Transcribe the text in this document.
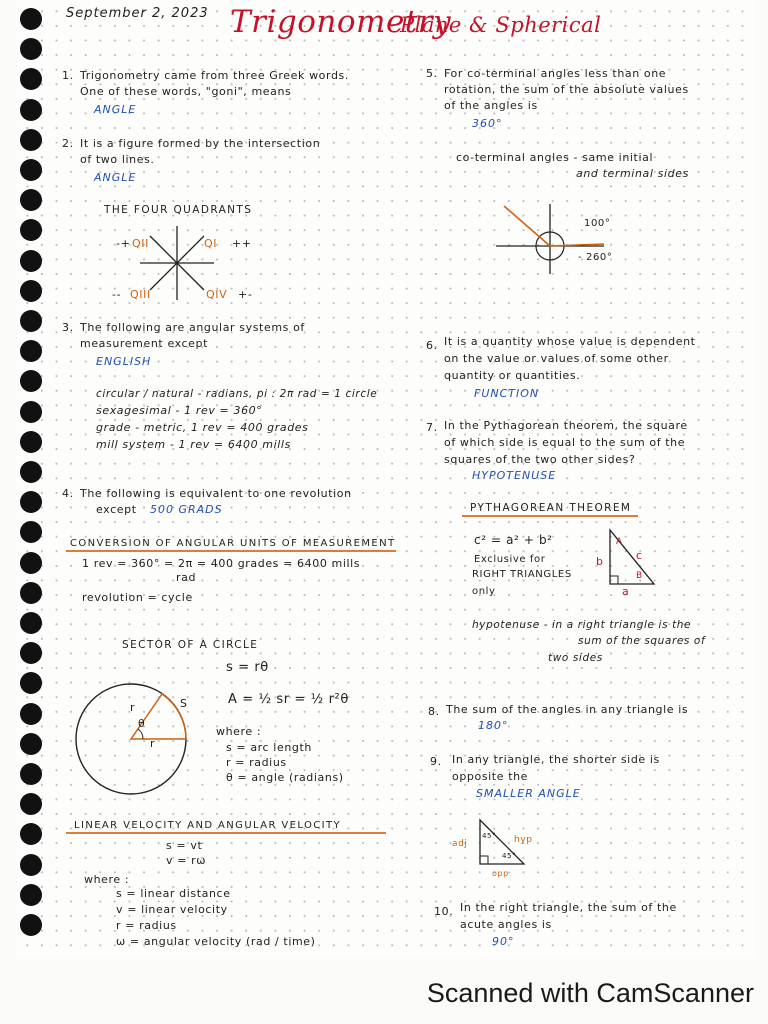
September 2, 2023 Trigonometry
Plane & Spherical
1. Trigonometry came from three Greek words.
One of these words, "goni", means
ANGLE
2. It is a figure formed by the intersection
of two lines.
ANGLE
THE FOUR QUADRANTS
-+ QII	QI ++
-- QIII	QIV +-
3. The following are angular systems of
measurement except
ENGLISH
circular / natural - radians, pi : 2π rad = 1 circle
sexagesimal - 1 rev = 360°
grade - metric, 1 rev = 400 grades
mill system - 1 rev = 6400 mills
4. The following is equivalent to one revolution
except 500 GRADS
CONVERSION OF ANGULAR UNITS OF MEASUREMENT
1 rev = 360° = 2π = 400 grades = 6400 mills
rad
revolution = cycle
SECTOR OF A CIRCLE
s = rθ
A = ½ sr = ½ r²θ
r	S
θ
r
where :
s = arc length
r = radius
θ = angle (radians)
LINEAR VELOCITY AND ANGULAR VELOCITY
s = vt
v = rω
where :
s = linear distance
v = linear velocity
r = radius
ω = angular velocity (rad / time)
5. For co-terminal angles less than one
rotation, the sum of the absolute values
of the angles is
360°
co-terminal angles - same initial
and terminal sides
100°
- 260°
6. It is a quantity whose value is dependent
on the value or values of some other
quantity or quantities.
FUNCTION
7. In the Pythagorean theorem, the square
of which side is equal to the sum of the
squares of the two other sides?
HYPOTENUSE
PYTHAGOREAN THEOREM
c² = a² + b²
Exclusive for
RIGHT TRIANGLES
only
A
B
b	c
a
hypotenuse - in a right triangle is the
sum of the squares of
two sides
8. The sum of the angles in any triangle is
180°
9. In any triangle, the shorter side is
opposite the
SMALLER ANGLE
adj	hyp
opp
45°
45°
10. In the right triangle, the sum of the
acute angles is
90°
Scanned with CamScanner
